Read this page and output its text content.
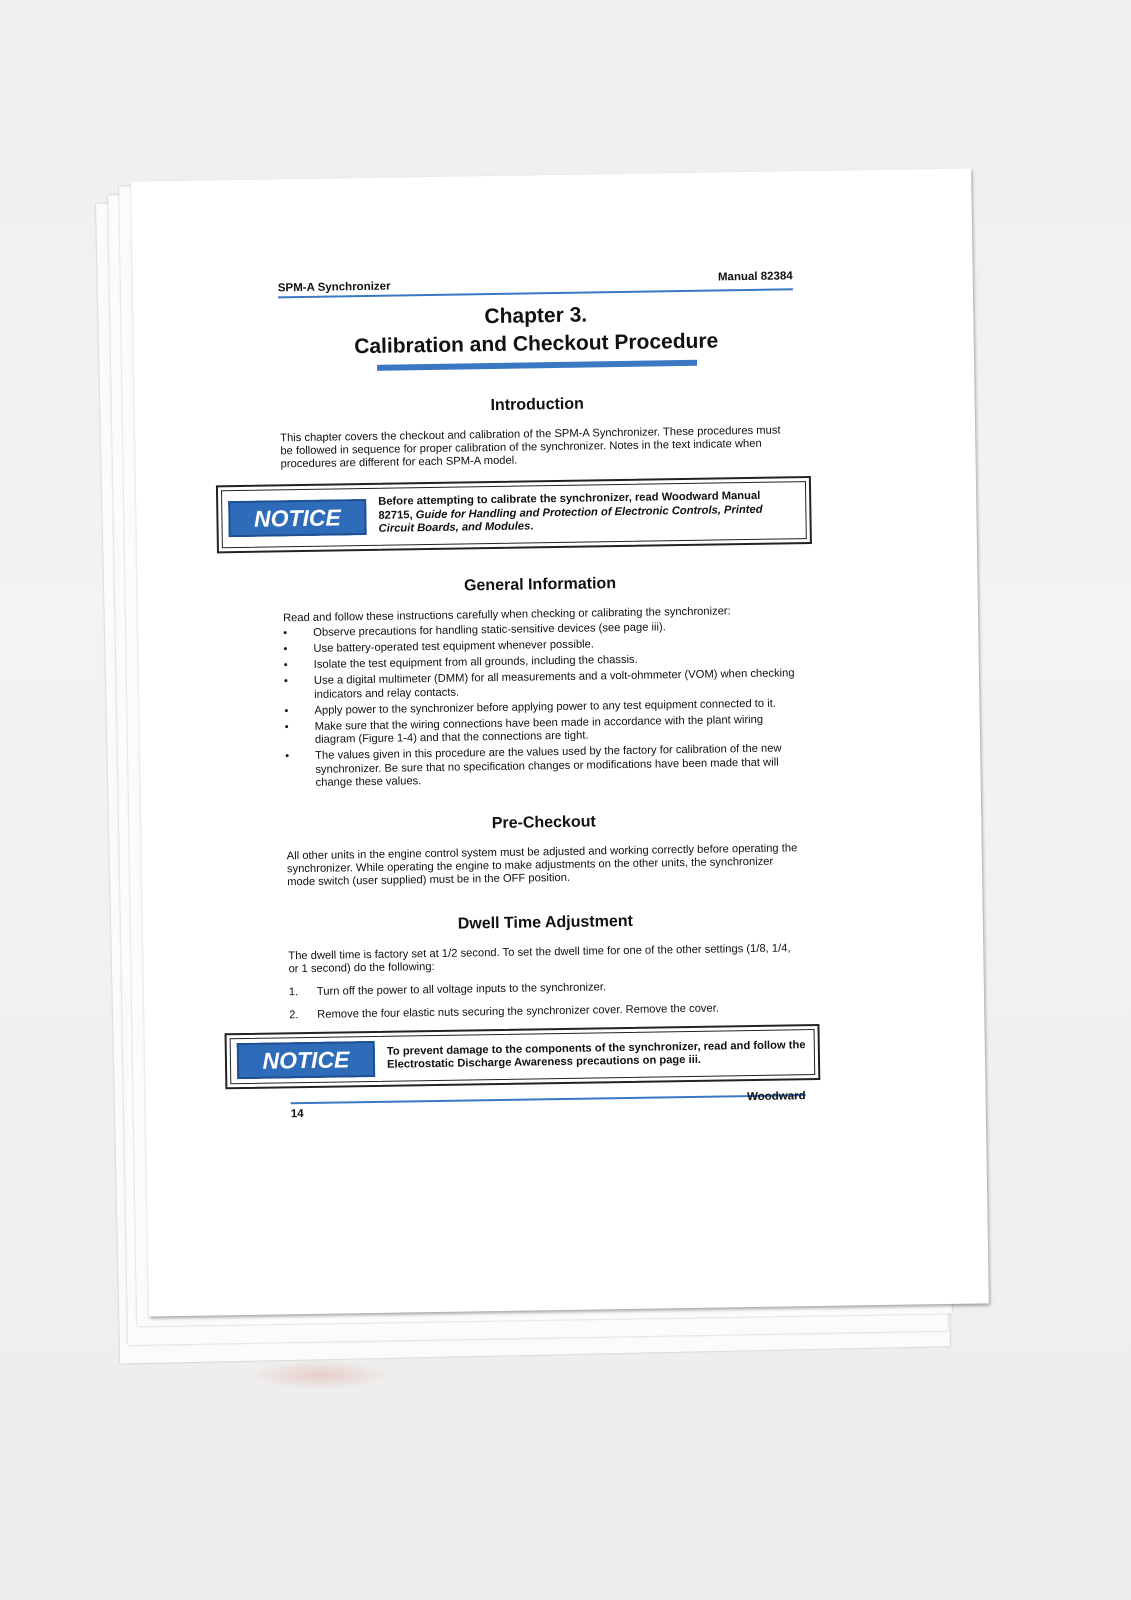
SPM-A Synchronizer
Manual 82384
Chapter 3.
Calibration and Checkout Procedure
Introduction

This chapter covers the checkout and calibration of the SPM-A Synchronizer. These procedures must be followed in sequence for proper calibration of the synchronizer. Notes in the text indicate when procedures are different for each SPM-A model.

NOTICE
Before attempting to calibrate the synchronizer, read Woodward Manual 82715, Guide for Handling and Protection of Electronic Controls, Printed Circuit Boards, and Modules.
General Information

Read and follow these instructions carefully when checking or calibrating the synchronizer:

• Observe precautions for handling static-sensitive devices (see page iii).
• Use battery-operated test equipment whenever possible.
• Isolate the test equipment from all grounds, including the chassis.
• Use a digital multimeter (DMM) for all measurements and a volt-ohmmeter (VOM) when checking indicators and relay contacts.
• Apply power to the synchronizer before applying power to any test equipment connected to it.
• Make sure that the wiring connections have been made in accordance with the plant wiring diagram (Figure 1-4) and that the connections are tight.
• The values given in this procedure are the values used by the factory for calibration of the new synchronizer. Be sure that no specification changes or modifications have been made that will change these values.
Pre-Checkout

All other units in the engine control system must be adjusted and working correctly before operating the synchronizer. While operating the engine to make adjustments on the other units, the synchronizer mode switch (user supplied) must be in the OFF position.

Dwell Time Adjustment

The dwell time is factory set at 1/2 second. To set the dwell time for one of the other settings (1/8, 1/4, or 1 second) do the following:

1. Turn off the power to all voltage inputs to the synchronizer.
2. Remove the four elastic nuts securing the synchronizer cover. Remove the cover.
NOTICE	To prevent damage to the components of the synchronizer, read and follow the Electrostatic Discharge Awareness precautions on page iii.
14
Woodward
